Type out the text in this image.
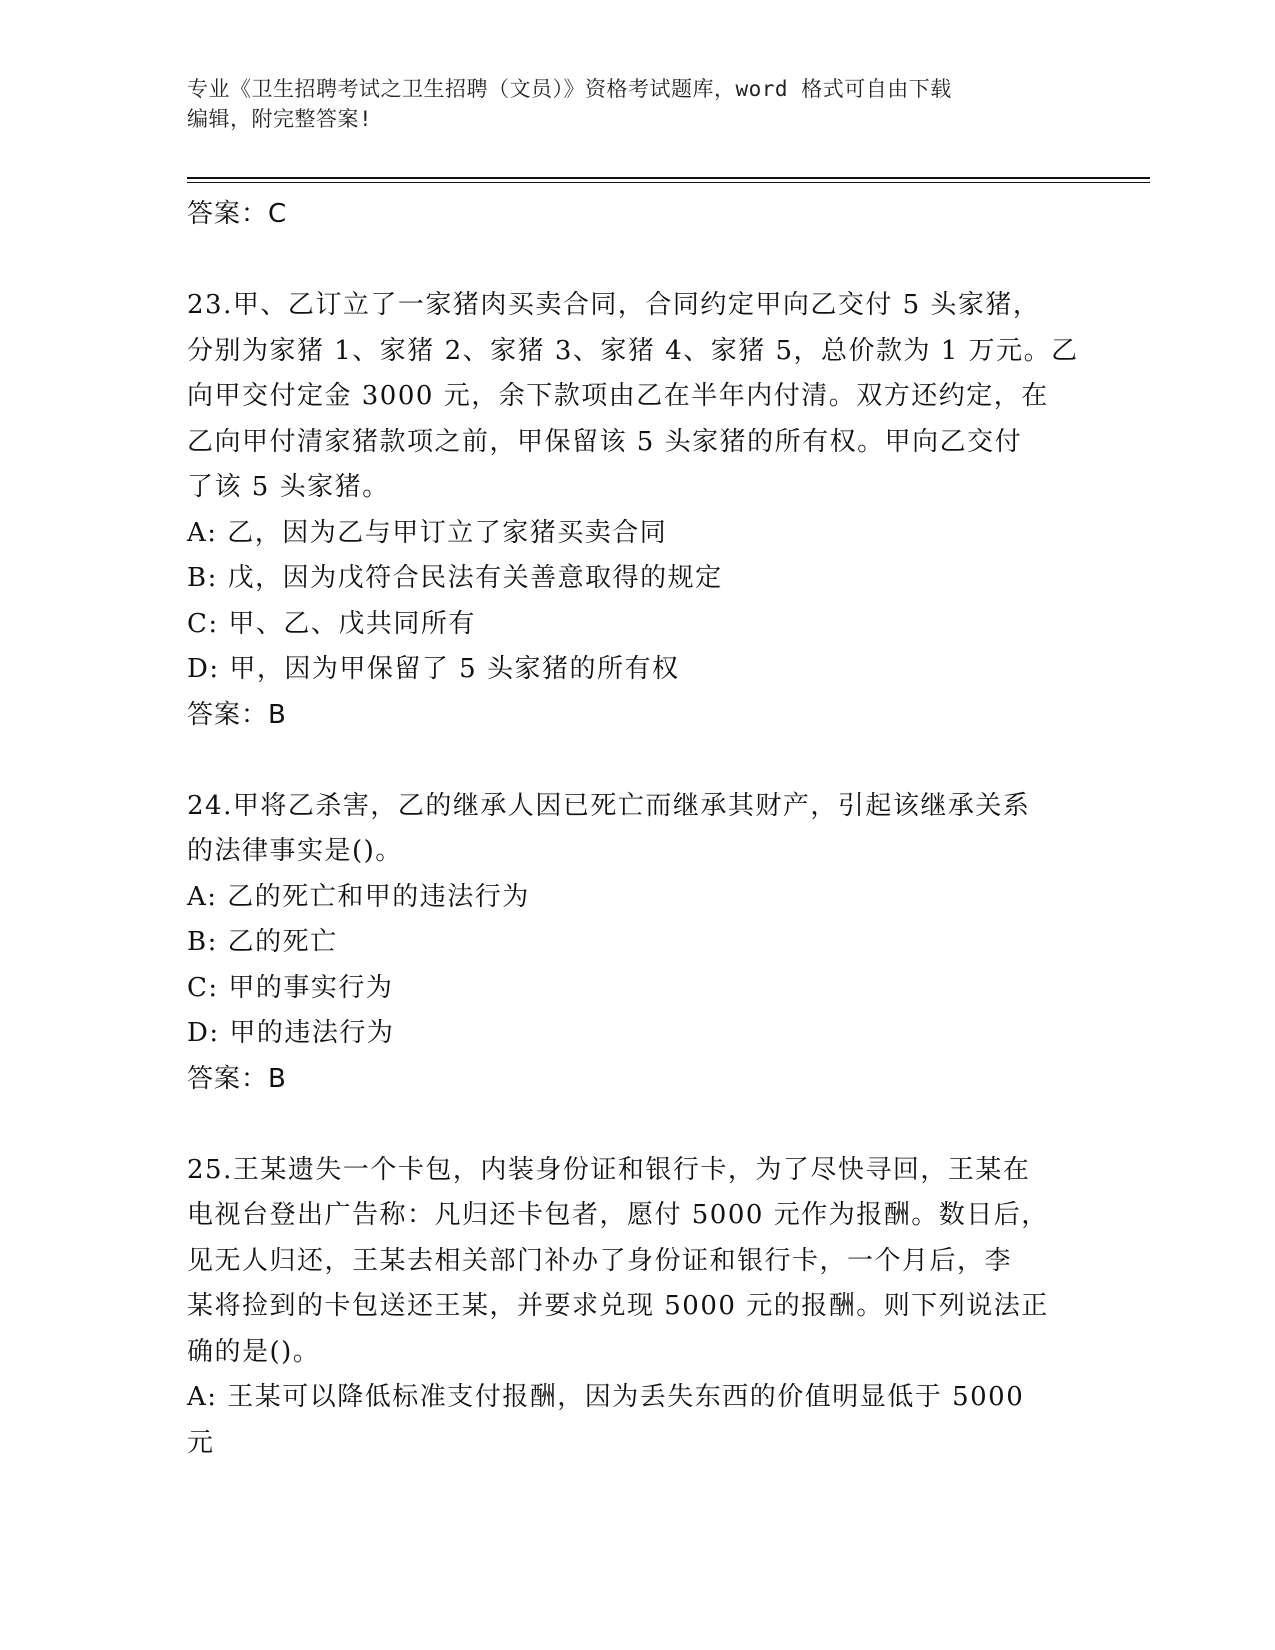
专业《卫生招聘考试之卫生招聘（文员）》资格考试题库，word 格式可自由下载
编辑，附完整答案!
答案：C
23.甲、乙订立了一家猪肉买卖合同，合同约定甲向乙交付 5 头家猪，
分别为家猪 1、家猪 2、家猪 3、家猪 4、家猪 5，总价款为 1 万元。乙
向甲交付定金 3000 元，余下款项由乙在半年内付清。双方还约定，在
乙向甲付清家猪款项之前，甲保留该 5 头家猪的所有权。甲向乙交付
了该 5 头家猪。
A: 乙，因为乙与甲订立了家猪买卖合同
B: 戊，因为戊符合民法有关善意取得的规定
C: 甲、乙、戊共同所有
D: 甲，因为甲保留了 5 头家猪的所有权
答案：B
24.甲将乙杀害，乙的继承人因已死亡而继承其财产，引起该继承关系
的法律事实是()。
A: 乙的死亡和甲的违法行为
B: 乙的死亡
C: 甲的事实行为
D: 甲的违法行为
答案：B
25.王某遗失一个卡包，内装身份证和银行卡，为了尽快寻回，王某在
电视台登出广告称：凡归还卡包者，愿付 5000 元作为报酬。数日后，
见无人归还，王某去相关部门补办了身份证和银行卡，一个月后，李
某将捡到的卡包送还王某，并要求兑现 5000 元的报酬。则下列说法正
确的是()。
A: 王某可以降低标准支付报酬，因为丢失东西的价值明显低于 5000
元
